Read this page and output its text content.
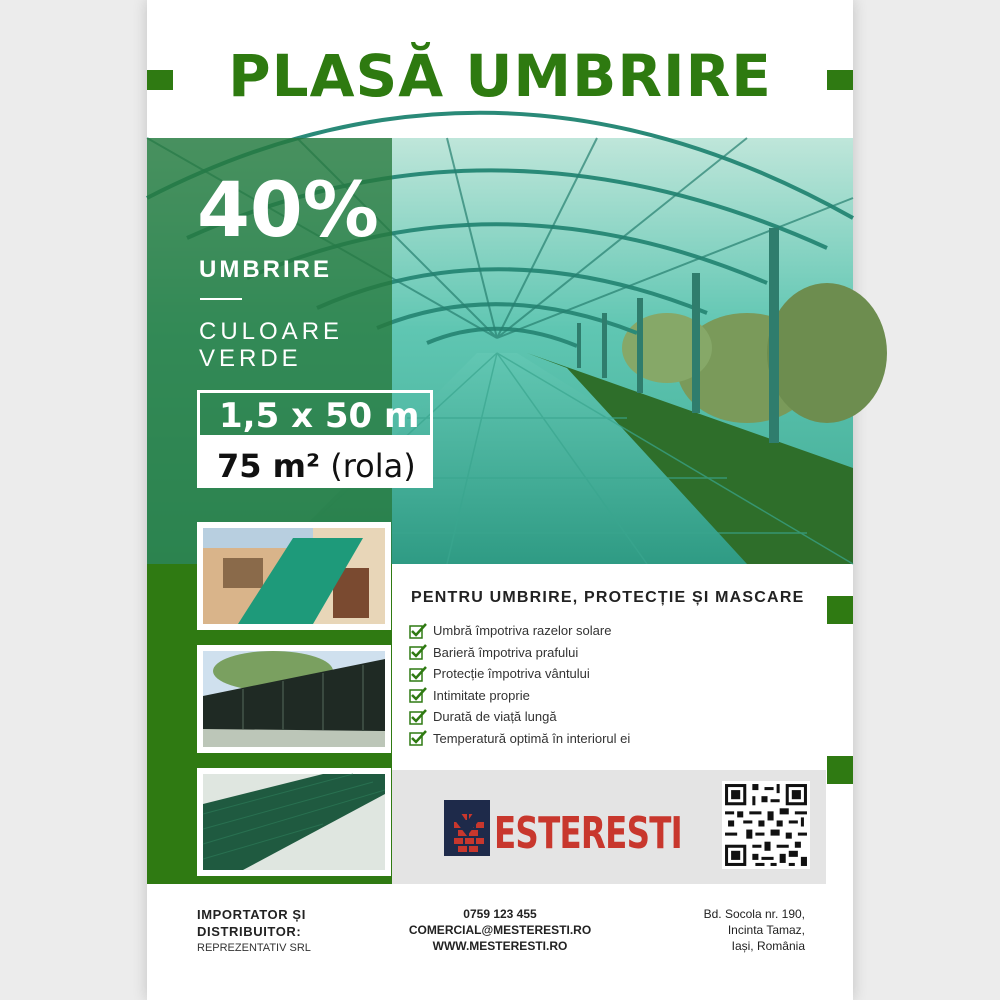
PLASĂ UMBRIRE
40%
UMBRIRE
CULOARE
VERDE
1,5 x 50 m
75 m² (rola)
PENTRU UMBRIRE, PROTECȚIE ȘI MASCARE
Umbră împotriva razelor solare
Barieră împotriva prafului
Protecție împotriva vântului
Intimitate proprie
Durată de viață lungă
Temperatură optimă în interiorul ei
ESTERESTI
IMPORTATOR ȘI
DISTRIBUITOR:
REPREZENTATIV SRL
0759 123 455
COMERCIAL@MESTERESTI.RO
WWW.MESTERESTI.RO
Bd. Socola nr. 190,
Incinta Tamaz,
Iași, România
